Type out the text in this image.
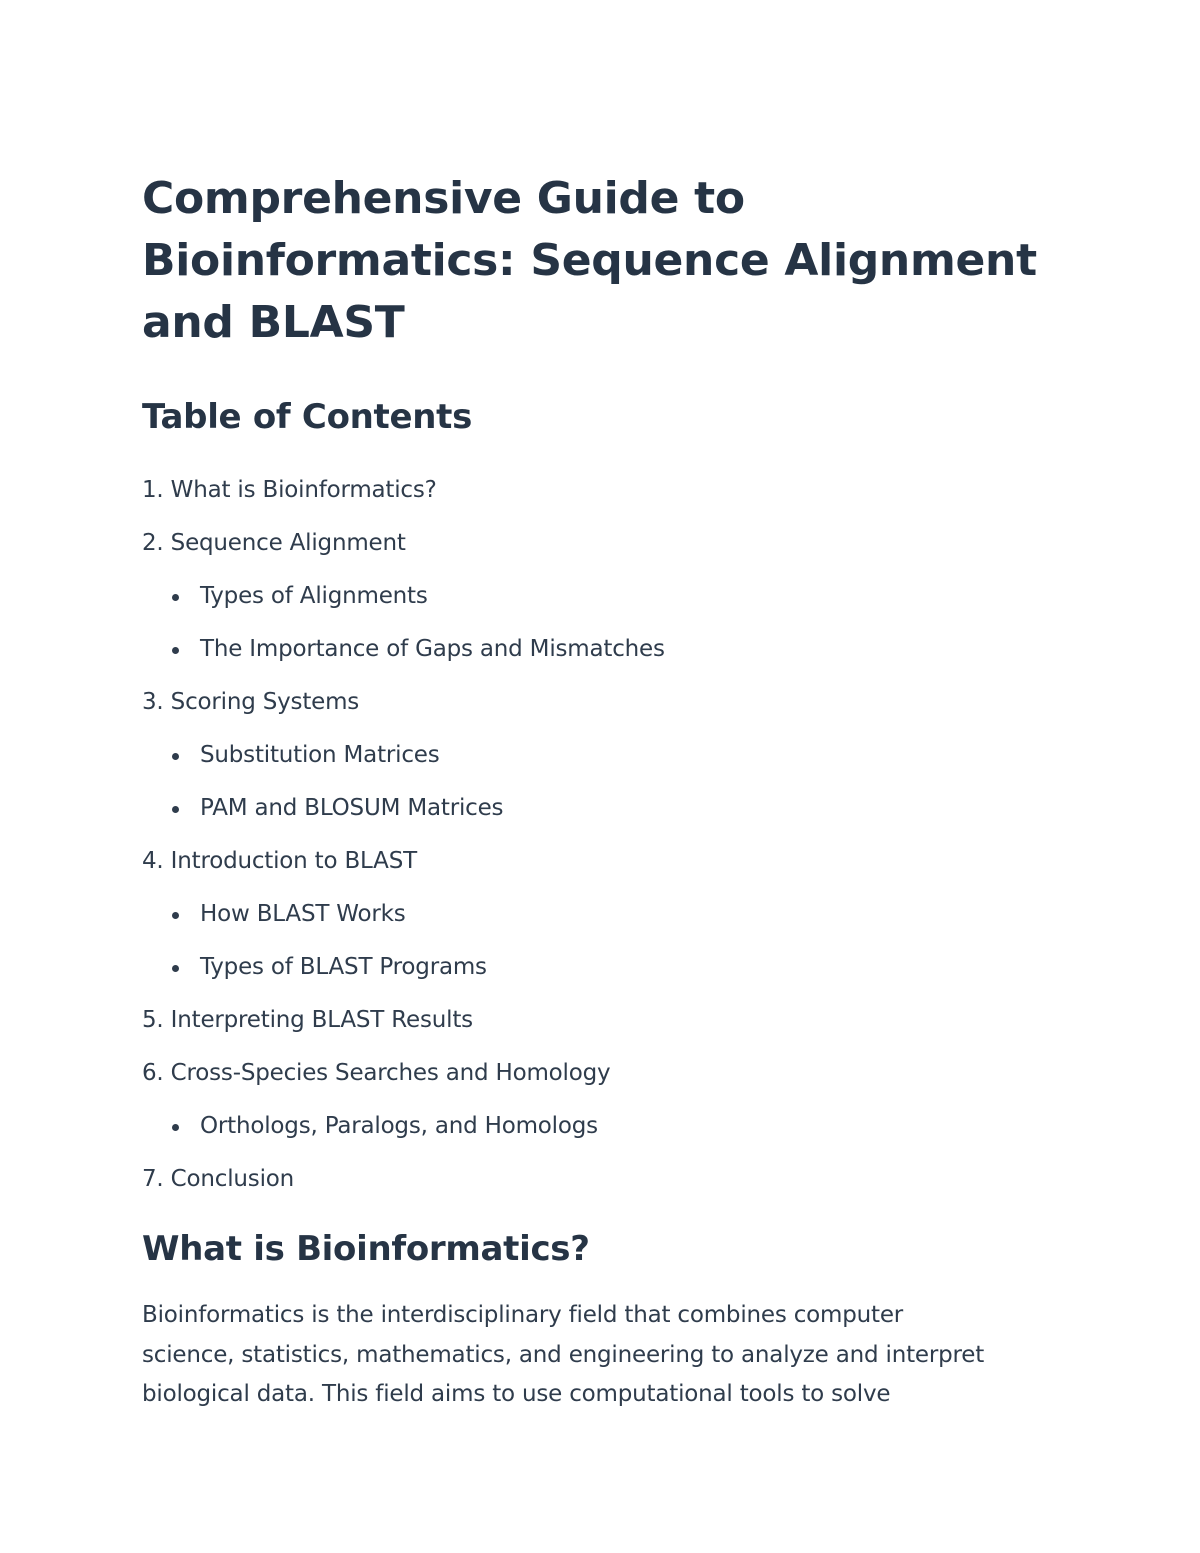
Comprehensive Guide to
Bioinformatics: Sequence Alignment
and BLAST
Table of Contents
1. What is Bioinformatics?
2. Sequence Alignment
Types of Alignments
The Importance of Gaps and Mismatches
3. Scoring Systems
Substitution Matrices
PAM and BLOSUM Matrices
4. Introduction to BLAST
How BLAST Works
Types of BLAST Programs
5. Interpreting BLAST Results
6. Cross-Species Searches and Homology
Orthologs, Paralogs, and Homologs
7. Conclusion
What is Bioinformatics?

Bioinformatics is the interdisciplinary field that combines computer
science, statistics, mathematics, and engineering to analyze and interpret
biological data. This field aims to use computational tools to solve
